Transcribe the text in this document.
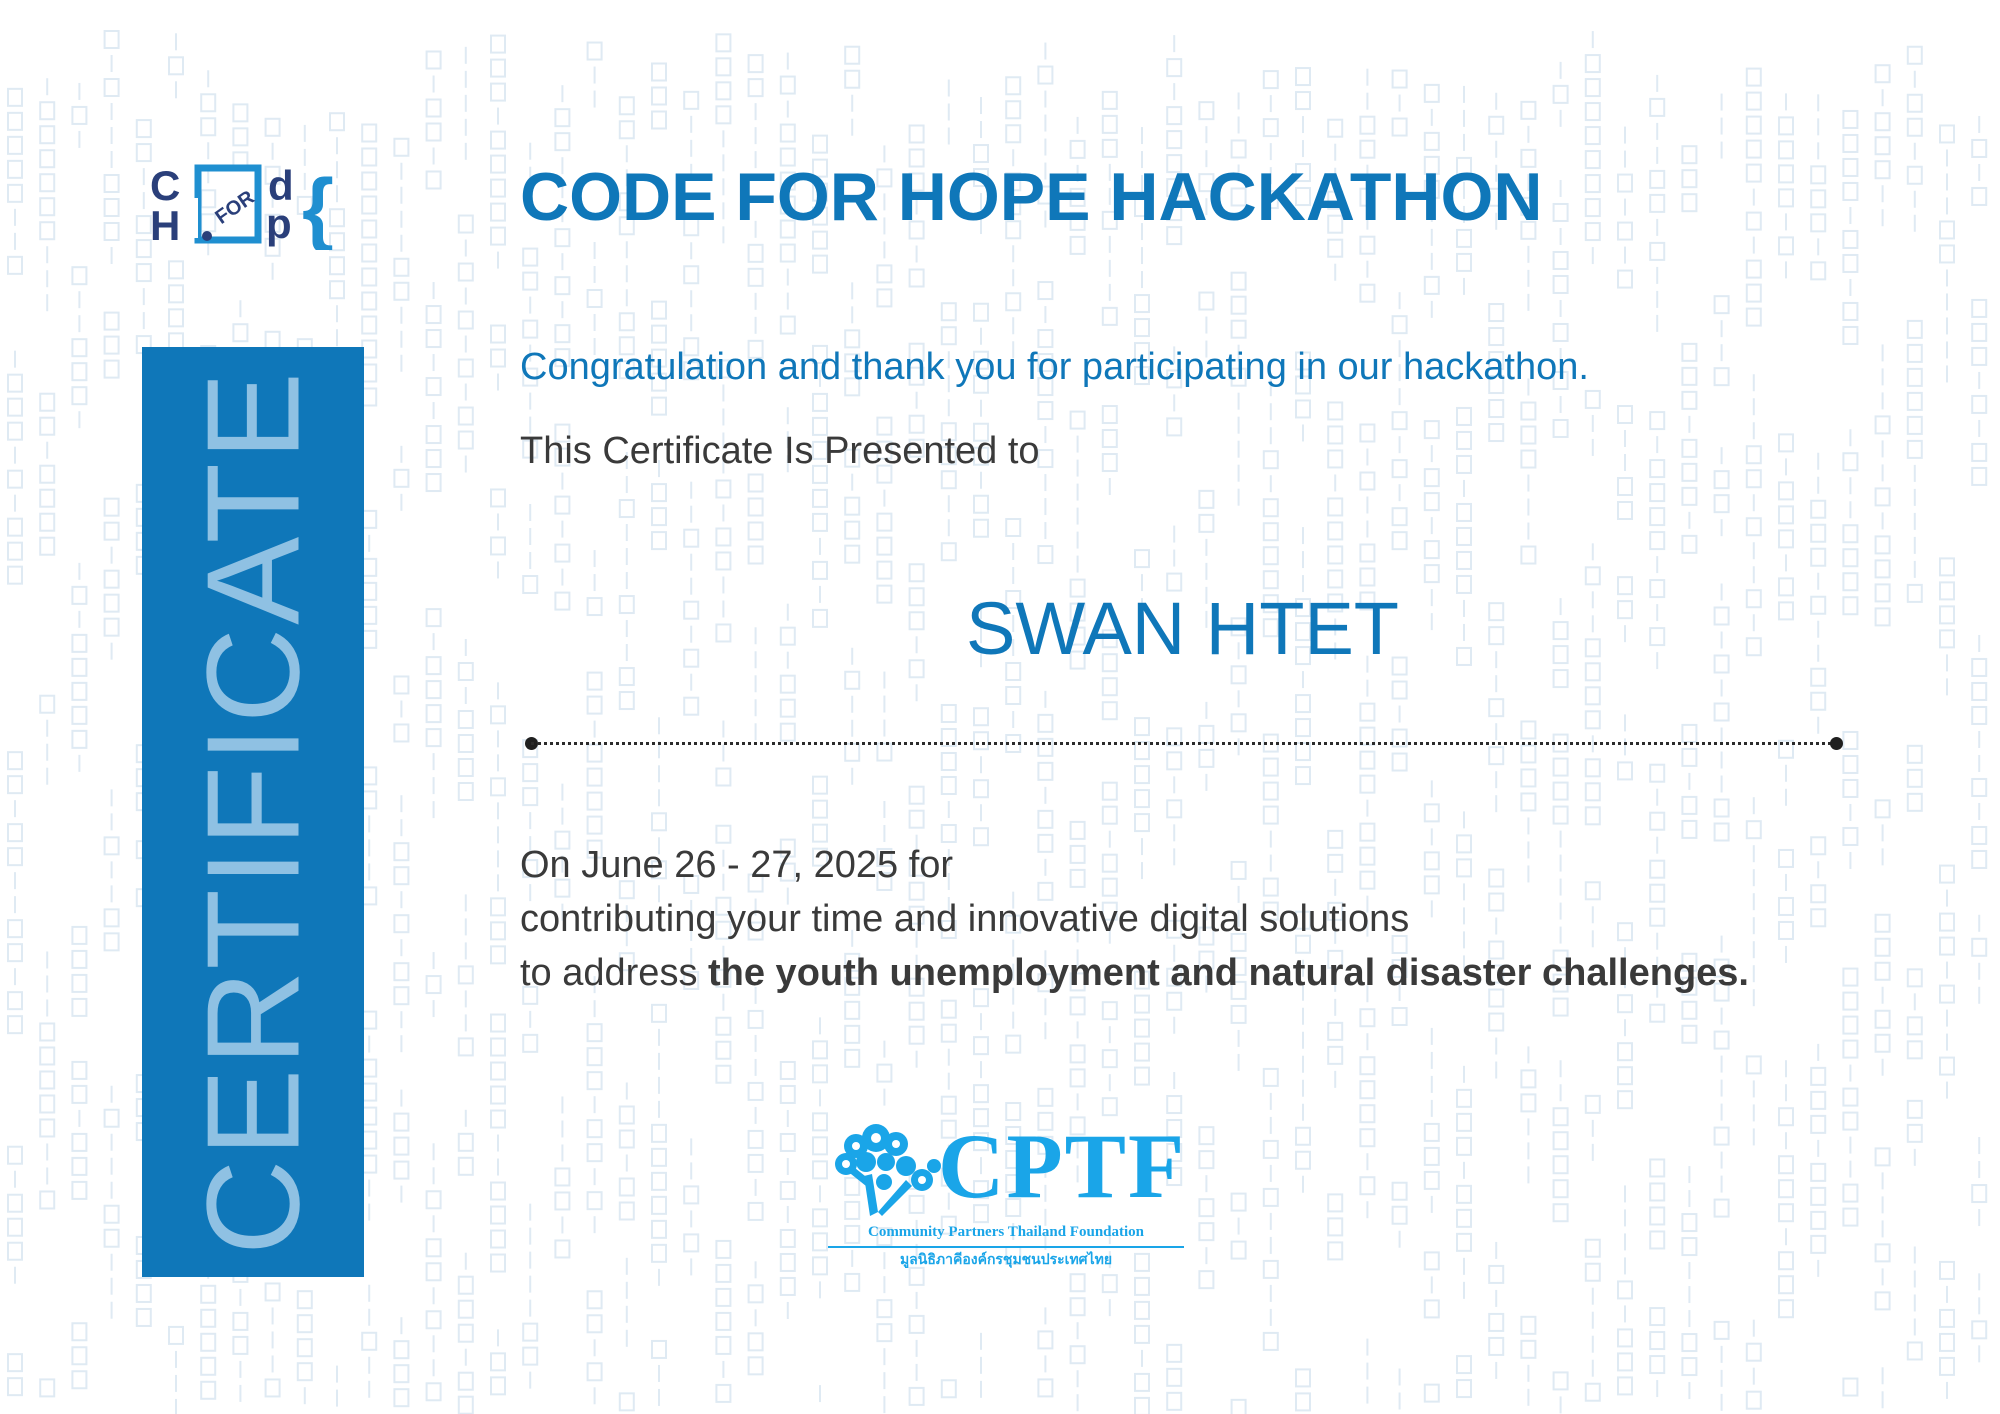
C
H FOR d
p {
CERTIFICATE
CODE FOR HOPE HACKATHON

Congratulation and thank you for participating in our hackathon.

This Certificate Is Presented to

SWAN HTET

On June 26 - 27, 2025 for
contributing your time and innovative digital solutions
to address the youth unemployment and natural disaster challenges.

CPTF
Community Partners Thailand Foundation
มูลนิธิภาคีองค์กรชุมชนประเทศไทย
